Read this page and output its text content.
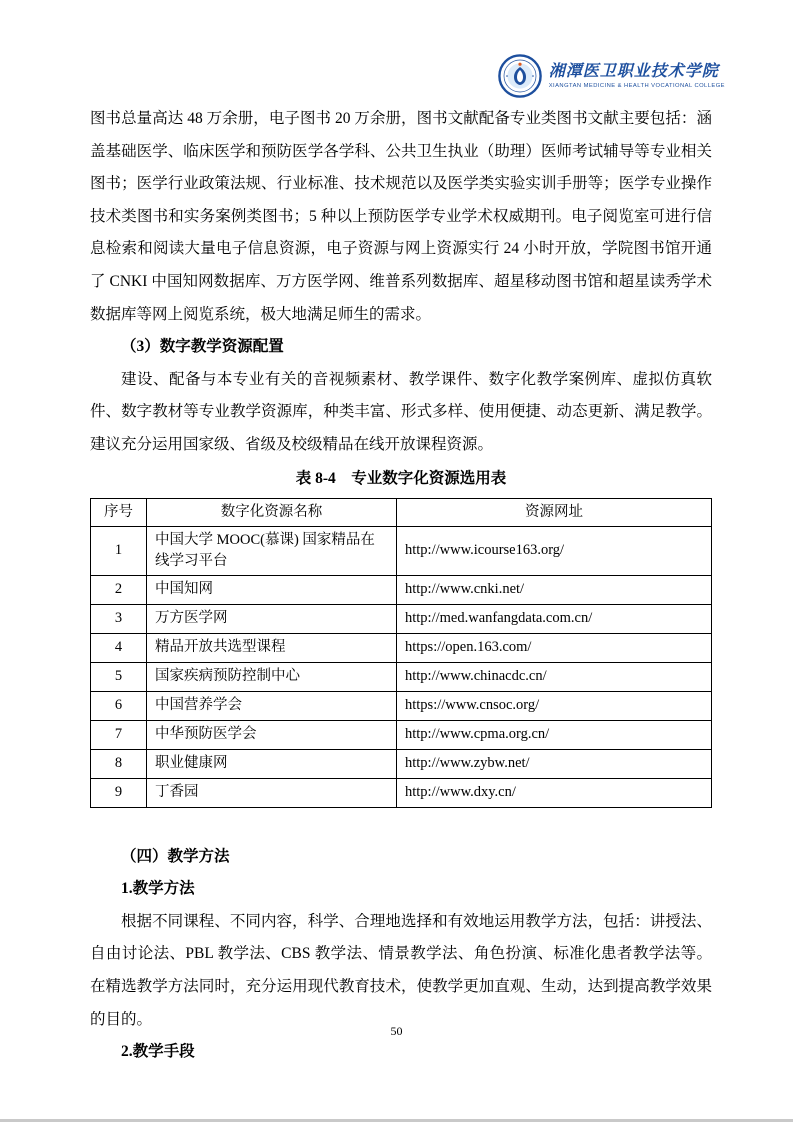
湘潭医卫职业技术学院
XIANGTAN MEDICINE & HEALTH VOCATIONAL COLLEGE

图书总量高达 48 万余册，电子图书 20 万余册，图书文献配备专业类图书文献主要包括：涵盖基础医学、临床医学和预防医学各学科、公共卫生执业（助理）医师考试辅导等专业相关图书；医学行业政策法规、行业标准、技术规范以及医学类实验实训手册等；医学专业操作技术类图书和实务案例类图书；5 种以上预防医学专业学术权威期刊。电子阅览室可进行信息检索和阅读大量电子信息资源，电子资源与网上资源实行 24 小时开放，学院图书馆开通了 CNKI 中国知网数据库、万方医学网、维普系列数据库、超星移动图书馆和超星读秀学术数据库等网上阅览系统，极大地满足师生的需求。

（3）数字教学资源配置

建设、配备与本专业有关的音视频素材、教学课件、数字化教学案例库、虚拟仿真软件、数字教材等专业教学资源库，种类丰富、形式多样、使用便捷、动态更新、满足教学。建议充分运用国家级、省级及校级精品在线开放课程资源。

表 8-4　专业数字化资源选用表
序号	数字化资源名称	资源网址
1	中国大学 MOOC(慕课) 国家精品在线学习平台	http://www.icourse163.org/
2	中国知网	http://www.cnki.net/
3	万方医学网	http://med.wanfangdata.com.cn/
4	精品开放共选型课程	https://open.163.com/
5	国家疾病预防控制中心	http://www.chinacdc.cn/
6	中国营养学会	https://www.cnsoc.org/
7	中华预防医学会	http://www.cpma.org.cn/
8	职业健康网	http://www.zybw.net/
9	丁香园	http://www.dxy.cn/

（四）教学方法

1.教学方法

根据不同课程、不同内容，科学、合理地选择和有效地运用教学方法，包括：讲授法、自由讨论法、PBL 教学法、CBS 教学法、情景教学法、角色扮演、标准化患者教学法等。在精选教学方法同时，充分运用现代教育技术，使教学更加直观、生动，达到提高教学效果的目的。

2.教学手段

50
